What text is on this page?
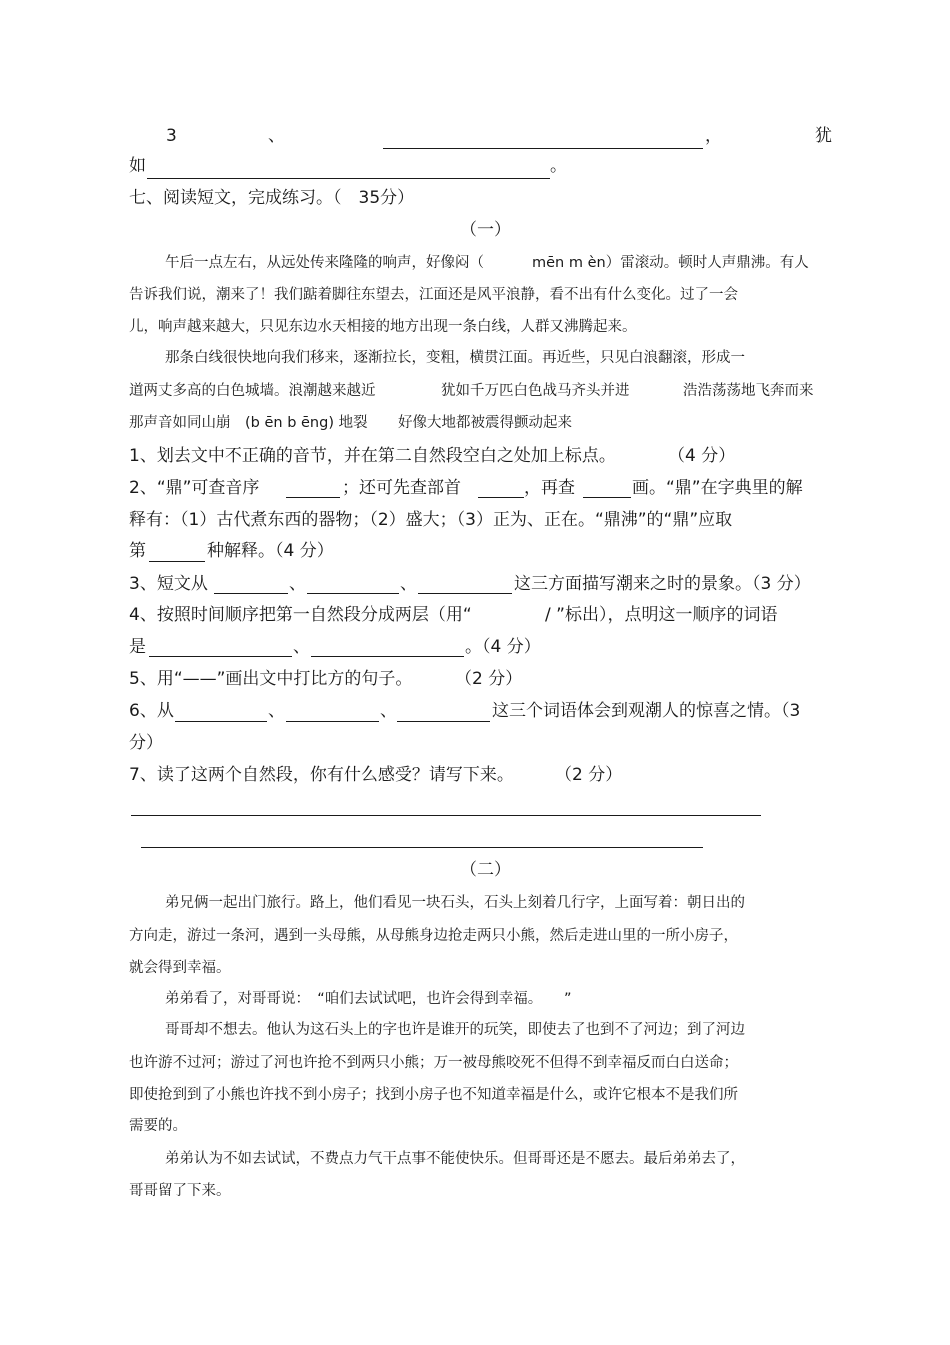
3	、	，	犹
如	。
七、阅读短文，完成练习。（　35分）
（一）
午后一点左右，从远处传来隆隆的响声，好像闷（	mēn m èn）雷滚动。顿时人声鼎沸。有人
告诉我们说，潮来了！我们踮着脚往东望去，江面还是风平浪静，看不出有什么变化。过了一会
儿，响声越来越大，只见东边水天相接的地方出现一条白线，人群又沸腾起来。
那条白线很快地向我们移来，逐渐拉长，变粗，横贯江面。再近些，只见白浪翻滚，形成一
道两丈多高的白色城墙。浪潮越来越近	犹如千万匹白色战马齐头并进	浩浩荡荡地飞奔而来
那声音如同山崩　(b ēn b ēng) 地裂 好像大地都被震得颤动起来
1、划去文中不正确的音节，并在第二自然段空白之处加上标点。	（4 分）
2、“鼎”可查音序	；还可先查部首	，再查	画。“鼎”在字典里的解
释有：（1）古代煮东西的器物；（2）盛大；（3）正为、正在。“鼎沸”的“鼎”应取
第	种解释。（4 分）
3、短文从	、	、	这三方面描写潮来之时的景象。（3 分）
4、按照时间顺序把第一自然段分成两层（用“	/ ”标出），点明这一顺序的词语
是	、	。（4 分）
5、用“——”画出文中打比方的句子。	（2 分）
6、从	、	、	这三个词语体会到观潮人的惊喜之情。（3
分）
7、读了这两个自然段，你有什么感受？请写下来。 （2 分）
（二）
弟兄俩一起出门旅行。路上，他们看见一块石头，石头上刻着几行字，上面写着：朝日出的
方向走，游过一条河，遇到一头母熊，从母熊身边抢走两只小熊，然后走进山里的一所小房子，
就会得到幸福。
弟弟看了，对哥哥说：　“咱们去试试吧，也许会得到幸福。　　”
哥哥却不想去。他认为这石头上的字也许是谁开的玩笑，即使去了也到不了河边；到了河边
也许游不过河；游过了河也许抢不到两只小熊；万一被母熊咬死不但得不到幸福反而白白送命；
即使抢到到了小熊也许找不到小房子；找到小房子也不知道幸福是什么，或许它根本不是我们所
需要的。
弟弟认为不如去试试，不费点力气干点事不能使快乐。但哥哥还是不愿去。最后弟弟去了，
哥哥留了下来。
